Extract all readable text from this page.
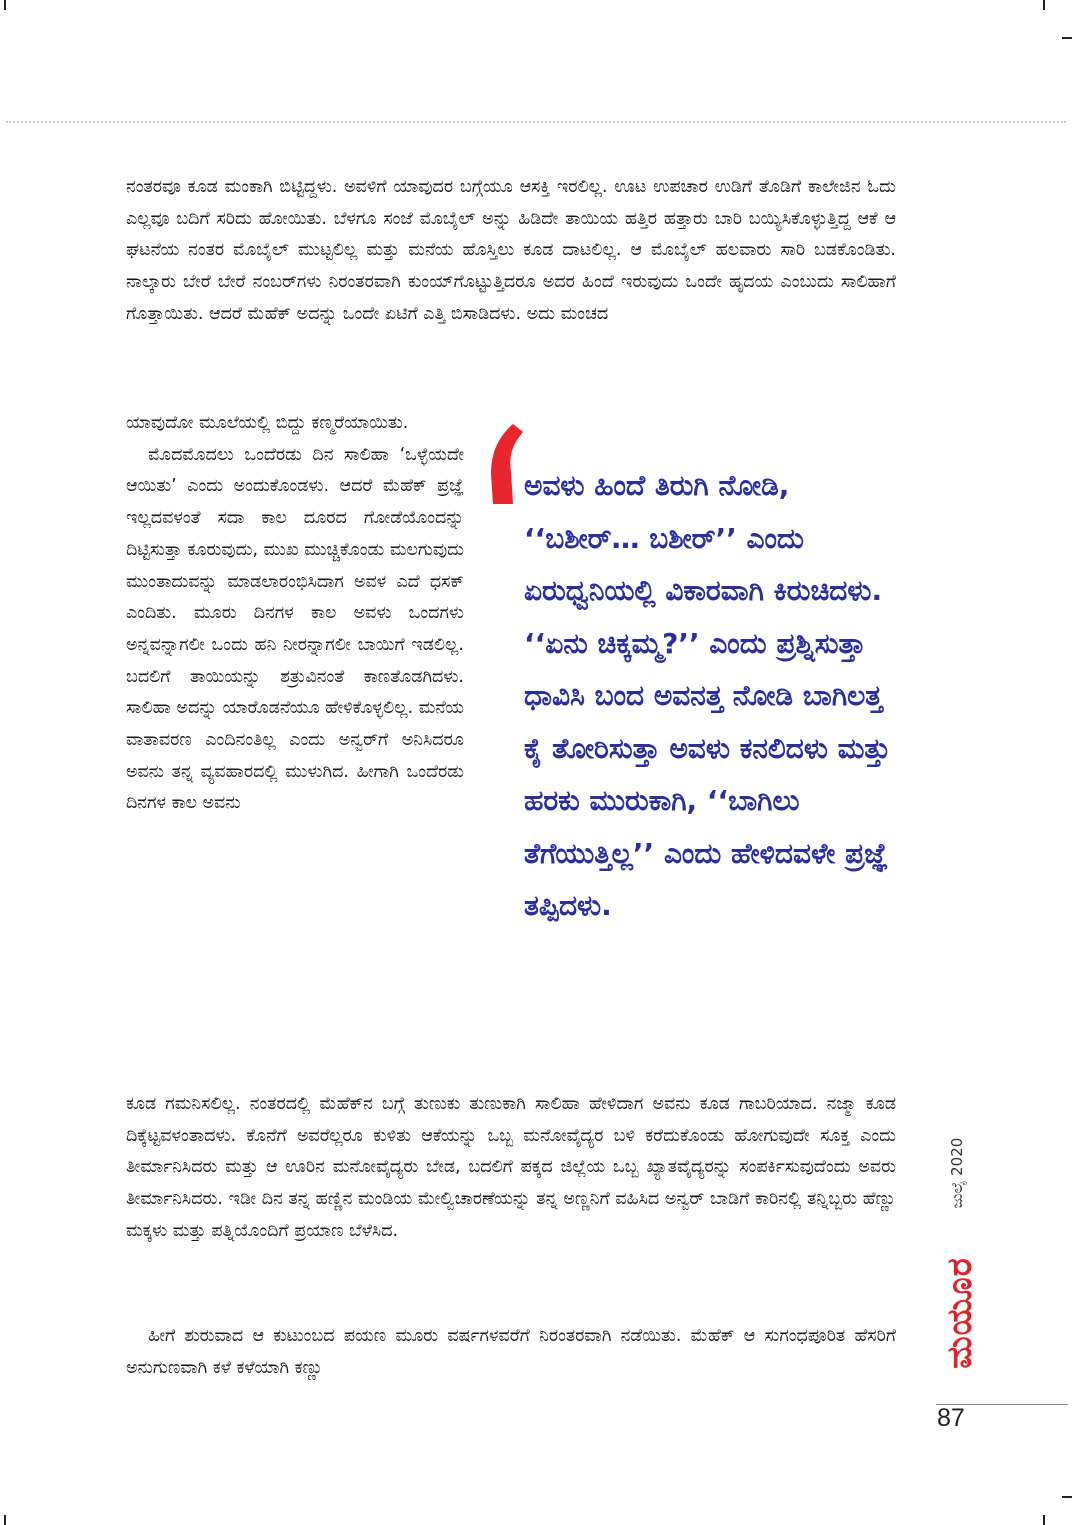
ನಂತರವೂ ಕೂಡ ಮಂಕಾಗಿ ಬಿಟ್ಟಿದ್ದಳು. ಅವಳಿಗೆ ಯಾವುದರ ಬಗ್ಗೆಯೂ ಆಸಕ್ತಿ ಇರಲಿಲ್ಲ. ಊಟ ಉಪಚಾರ ಉಡಿಗೆ ತೊಡಿಗೆ ಕಾಲೇಜಿನ ಓದು ಎಲ್ಲವೂ ಬದಿಗೆ ಸರಿದು ಹೋಯಿತು. ಬೆಳಗೂ ಸಂಜೆ ಮೊಬೈಲ್ ಅನ್ನು ಹಿಡಿದೇ ತಾಯಿಯ ಹತ್ತಿರ ಹತ್ತಾರು ಬಾರಿ ಬಯ್ಯಿಸಿಕೊಳ್ಳುತ್ತಿದ್ದ ಆಕೆ ಆ ಘಟನೆಯ ನಂತರ ಮೊಬೈಲ್ ಮುಟ್ಟಲಿಲ್ಲ ಮತ್ತು ಮನೆಯ ಹೊಸ್ತಿಲು ಕೂಡ ದಾಟಲಿಲ್ಲ. ಆ ಮೊಬೈಲ್ ಹಲವಾರು ಸಾರಿ ಬಡಕೊಂಡಿತು. ನಾಲ್ಕಾರು ಬೇರೆ ಬೇರೆ ನಂಬರ್‌ಗಳು ನಿರಂತರವಾಗಿ ಕುಂಯ್‌ಗೊಟ್ಟುತ್ತಿದರೂ ಅದರ ಹಿಂದೆ ಇರುವುದು ಒಂದೇ ಹೃದಯ ಎಂಬುದು ಸಾಲಿಹಾಗೆ ಗೊತ್ತಾಯಿತು. ಆದರೆ ಮೆಹೆಕ್ ಅದನ್ನು ಒಂದೇ ಏಟಿಗೆ ಎತ್ತಿ ಬಿಸಾಡಿದಳು. ಅದು ಮಂಚದ

ಯಾವುದೋ ಮೂಲೆಯಲ್ಲಿ ಬಿದ್ದು ಕಣ್ಮರೆಯಾಯಿತು.

ಮೊದಮೊದಲು ಒಂದೆರಡು ದಿನ ಸಾಲಿಹಾ ‘ಒಳ್ಳೆಯದೇ ಆಯಿತು’ ಎಂದು ಅಂದುಕೊಂಡಳು. ಆದರೆ ಮೆಹೆಕ್ ಪ್ರಜ್ಞೆ ಇಲ್ಲದವಳಂತೆ ಸದಾ ಕಾಲ ದೂರದ ಗೋಡೆಯೊಂದನ್ನು ದಿಟ್ಟಿಸುತ್ತಾ ಕೂರುವುದು, ಮುಖ ಮುಚ್ಚಿಕೊಂಡು ಮಲಗುವುದು ಮುಂತಾದುವನ್ನು ಮಾಡಲಾರಂಭಿಸಿದಾಗ ಅವಳ ಎದೆ ಧಸಕ್ ಎಂದಿತು. ಮೂರು ದಿನಗಳ ಕಾಲ ಅವಳು ಒಂದಗಳು ಅನ್ನವನ್ನಾಗಲೀ ಒಂದು ಹನಿ ನೀರನ್ನಾಗಲೀ ಬಾಯಿಗೆ ಇಡಲಿಲ್ಲ. ಬದಲಿಗೆ ತಾಯಿಯನ್ನು ಶತ್ರುವಿನಂತೆ ಕಾಣತೊಡಗಿದಳು. ಸಾಲಿಹಾ ಅದನ್ನು ಯಾರೊಡನೆಯೂ ಹೇಳಿಕೊಳ್ಳಲಿಲ್ಲ. ಮನೆಯ ವಾತಾವರಣ ಎಂದಿನಂತಿಲ್ಲ ಎಂದು ಅನ್ವರ್‌ಗೆ ಅನಿಸಿದರೂ ಅವನು ತನ್ನ ವ್ಯವಹಾರದಲ್ಲಿ ಮುಳುಗಿದ. ಹೀಗಾಗಿ ಒಂದೆರಡು ದಿನಗಳ ಕಾಲ ಅವನು

ಅವಳು ಹಿಂದೆ ತಿರುಗಿ ನೋಡಿ, ‘‘ಬಶೀರ್… ಬಶೀರ್’’ ಎಂದು ಏರುಧ್ವನಿಯಲ್ಲಿ ವಿಕಾರವಾಗಿ ಕಿರುಚಿದಳು. ‘‘ಏನು ಚಿಕ್ಕಮ್ಮ?’’ ಎಂದು ಪ್ರಶ್ನಿಸುತ್ತಾ ಧಾವಿಸಿ ಬಂದ ಅವನತ್ತ ನೋಡಿ ಬಾಗಿಲತ್ತ ಕೈ ತೋರಿಸುತ್ತಾ ಅವಳು ಕನಲಿದಳು ಮತ್ತು ಹರಕು ಮುರುಕಾಗಿ, ‘‘ಬಾಗಿಲು ತೆಗೆಯುತ್ತಿಲ್ಲ’’ ಎಂದು ಹೇಳಿದವಳೇ ಪ್ರಜ್ಞೆ ತಪ್ಪಿದಳು.

ಕೂಡ ಗಮನಿಸಲಿಲ್ಲ. ನಂತರದಲ್ಲಿ ಮೆಹೆಕ್‌ನ ಬಗ್ಗೆ ತುಣುಕು ತುಣುಕಾಗಿ ಸಾಲಿಹಾ ಹೇಳಿದಾಗ ಅವನು ಕೂಡ ಗಾಬರಿಯಾದ. ನಜ್ಮಾ ಕೂಡ ದಿಕ್ಕೆಟ್ಟವಳಂತಾದಳು. ಕೊನೆಗೆ ಅವರೆಲ್ಲರೂ ಕುಳಿತು ಆಕೆಯನ್ನು ಒಬ್ಬ ಮನೋವೈದ್ಯರ ಬಳಿ ಕರೆದುಕೊಂಡು ಹೋಗುವುದೇ ಸೂಕ್ತ ಎಂದು ತೀರ್ಮಾನಿಸಿದರು ಮತ್ತು ಆ ಊರಿನ ಮನೋವೈದ್ಯರು ಬೇಡ, ಬದಲಿಗೆ ಪಕ್ಕದ ಜಿಲ್ಲೆಯ ಒಬ್ಬ ಖ್ಯಾತವೈದ್ಯರನ್ನು ಸಂಪರ್ಕಿಸುವುದೆಂದು ಅವರು ತೀರ್ಮಾನಿಸಿದರು. ಇಡೀ ದಿನ ತನ್ನ ಹಣ್ಣಿನ ಮಂಡಿಯ ಮೇಲ್ವಿಚಾರಣೆಯನ್ನು ತನ್ನ ಅಣ್ಣನಿಗೆ ವಹಿಸಿದ ಅನ್ವರ್ ಬಾಡಿಗೆ ಕಾರಿನಲ್ಲಿ ತನ್ನಿಬ್ಬರು ಹೆಣ್ಣು ಮಕ್ಕಳು ಮತ್ತು ಪತ್ನಿಯೊಂದಿಗೆ ಪ್ರಯಾಣ ಬೆಳೆಸಿದ.

ಹೀಗೆ ಶುರುವಾದ ಆ ಕುಟುಂಬದ ಪಯಣ ಮೂರು ವರ್ಷಗಳವರೆಗೆ ನಿರಂತರವಾಗಿ ನಡೆಯಿತು. ಮೆಹೆಕ್ ಆ ಸುಗಂಧಪೂರಿತ ಹೆಸರಿಗೆ ಅನುಗುಣವಾಗಿ ಕಳೆ ಕಳೆಯಾಗಿ ಕಣ್ಣು

ಜುಲೈ 2020
ಮಯೂರ
87
